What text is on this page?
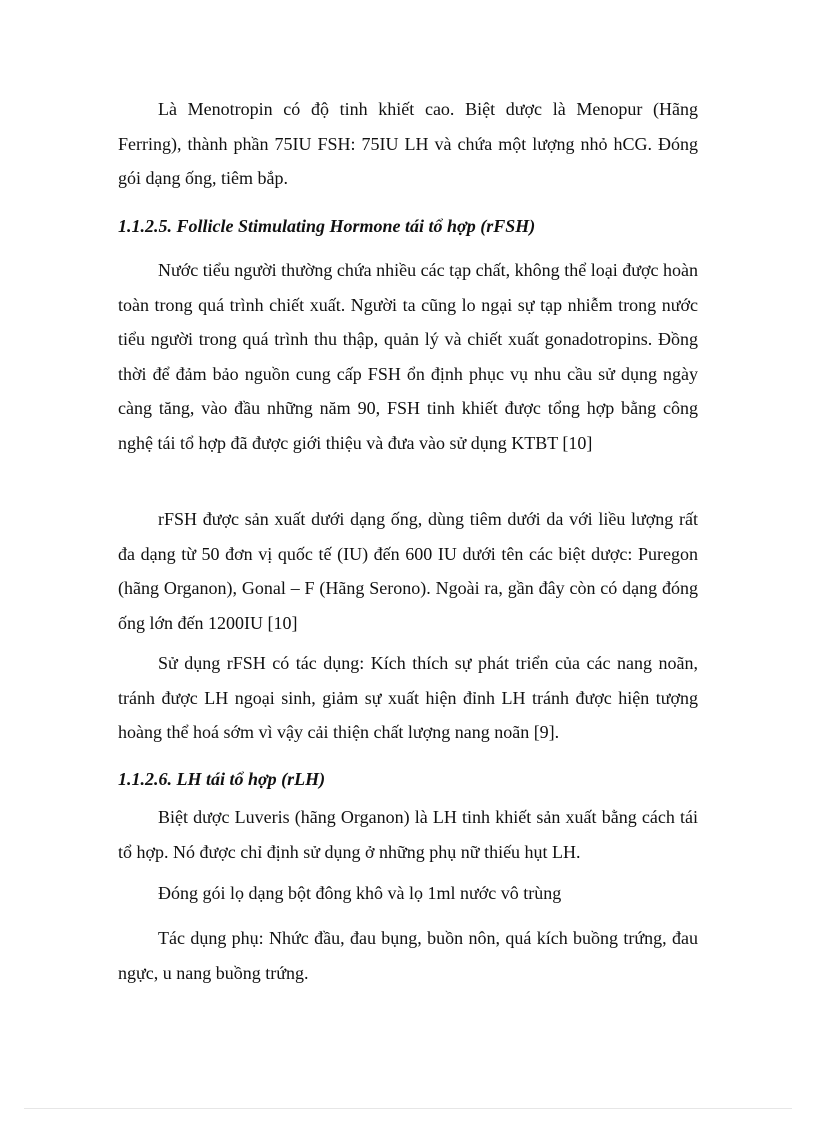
Là Menotropin có độ tinh khiết cao. Biệt dược là Menopur (Hãng Ferring), thành phần 75IU FSH: 75IU LH và chứa một lượng nhỏ hCG. Đóng gói dạng ống, tiêm bắp.

1.1.2.5. Follicle Stimulating Hormone tái tổ hợp (rFSH)

Nước tiểu người thường chứa nhiều các tạp chất, không thể loại được hoàn toàn trong quá trình chiết xuất. Người ta cũng lo ngại sự tạp nhiễm trong nước tiểu người trong quá trình thu thập, quản lý và chiết xuất gonadotropins. Đồng thời để đảm bảo nguồn cung cấp FSH ổn định phục vụ nhu cầu sử dụng ngày càng tăng, vào đầu những năm 90, FSH tinh khiết được tổng hợp bằng công nghệ tái tổ hợp đã được giới thiệu và đưa vào sử dụng KTBT [10]

rFSH được sản xuất dưới dạng ống, dùng tiêm dưới da với liều lượng rất đa dạng từ 50 đơn vị quốc tế (IU) đến 600 IU dưới tên các biệt dược: Puregon (hãng Organon), Gonal – F (Hãng Serono). Ngoài ra, gần đây còn có dạng đóng ống lớn đến 1200IU [10]

Sử dụng rFSH có tác dụng: Kích thích sự phát triển của các nang noãn, tránh được LH ngoại sinh, giảm sự xuất hiện đỉnh LH tránh được hiện tượng hoàng thể hoá sớm vì vậy cải thiện chất lượng nang noãn [9].

1.1.2.6. LH tái tổ hợp (rLH)

Biệt dược Luveris (hãng Organon) là LH tinh khiết sản xuất bằng cách tái tổ hợp. Nó được chỉ định sử dụng ở những phụ nữ thiếu hụt LH.

Đóng gói lọ dạng bột đông khô và lọ 1ml nước vô trùng

Tác dụng phụ: Nhức đầu, đau bụng, buồn nôn, quá kích buồng trứng, đau ngực, u nang buồng trứng.
